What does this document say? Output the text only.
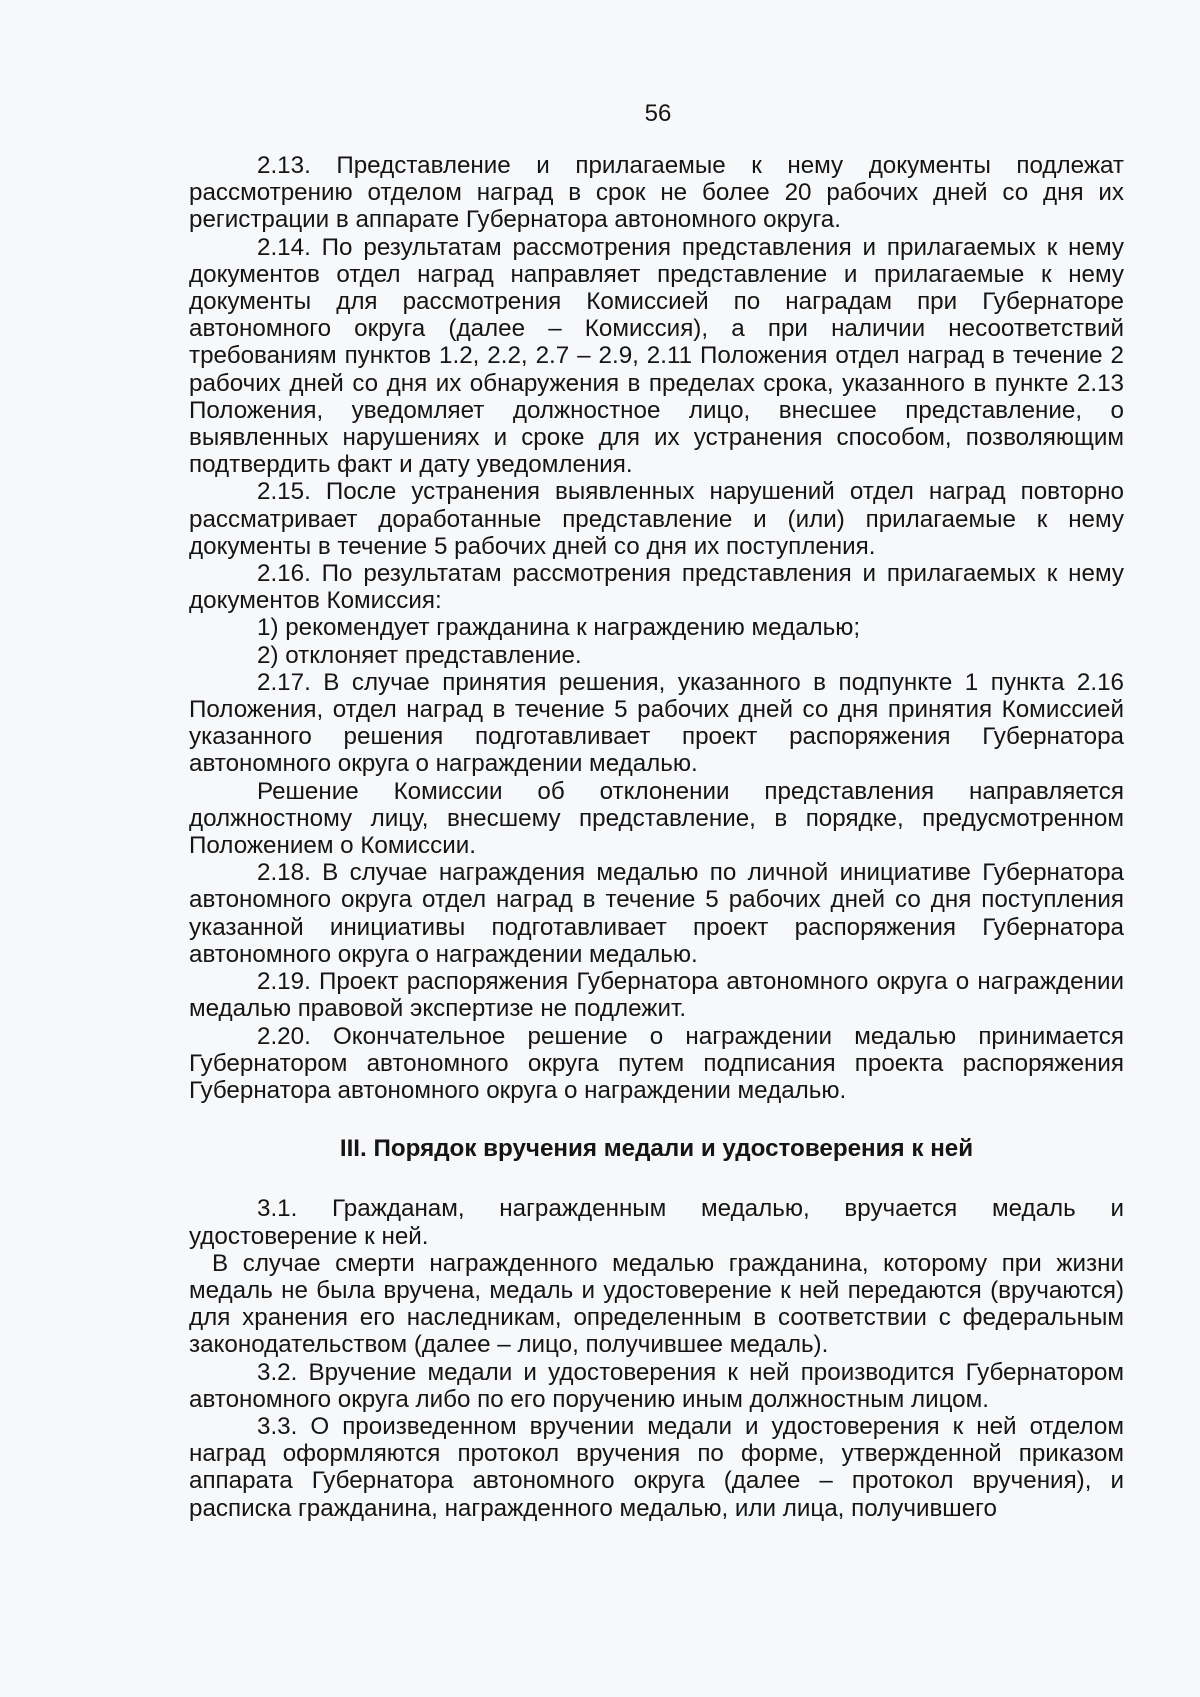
56

2.13. Представление и прилагаемые к нему документы подлежат рассмотрению отделом наград в срок не более 20 рабочих дней со дня их регистрации в аппарате Губернатора автономного округа.

2.14. По результатам рассмотрения представления и прилагаемых к нему документов отдел наград направляет представление и прилагаемые к нему документы для рассмотрения Комиссией по наградам при Губернаторе автономного округа (далее – Комиссия), а при наличии несоответствий требованиям пунктов 1.2, 2.2, 2.7 – 2.9, 2.11 Положения отдел наград в течение 2 рабочих дней со дня их обнаружения в пределах срока, указанного в пункте 2.13 Положения, уведомляет должностное лицо, внесшее представление, о выявленных нарушениях и сроке для их устранения способом, позволяющим подтвердить факт и дату уведомления.

2.15. После устранения выявленных нарушений отдел наград повторно рассматривает доработанные представление и (или) прилагаемые к нему документы в течение 5 рабочих дней со дня их поступления.

2.16. По результатам рассмотрения представления и прилагаемых к нему документов Комиссия:

1) рекомендует гражданина к награждению медалью;

2) отклоняет представление.

2.17. В случае принятия решения, указанного в подпункте 1 пункта 2.16 Положения, отдел наград в течение 5 рабочих дней со дня принятия Комиссией указанного решения подготавливает проект распоряжения Губернатора автономного округа о награждении медалью.

Решение Комиссии об отклонении представления направляется должностному лицу, внесшему представление, в порядке, предусмотренном Положением о Комиссии.

2.18. В случае награждения медалью по личной инициативе Губернатора автономного округа отдел наград в течение 5 рабочих дней со дня поступления указанной инициативы подготавливает проект распоряжения Губернатора автономного округа о награждении медалью.

2.19. Проект распоряжения Губернатора автономного округа о награждении медалью правовой экспертизе не подлежит.

2.20. Окончательное решение о награждении медалью принимается Губернатором автономного округа путем подписания проекта распоряжения Губернатора автономного округа о награждении медалью.

III. Порядок вручения медали и удостоверения к ней

3.1. Гражданам, награжденным медалью, вручается медаль и удостоверение к ней.

В случае смерти награжденного медалью гражданина, которому при жизни медаль не была вручена, медаль и удостоверение к ней передаются (вручаются) для хранения его наследникам, определенным в соответствии с федеральным законодательством (далее – лицо, получившее медаль).

3.2. Вручение медали и удостоверения к ней производится Губернатором автономного округа либо по его поручению иным должностным лицом.

3.3. О произведенном вручении медали и удостоверения к ней отделом наград оформляются протокол вручения по форме, утвержденной приказом аппарата Губернатора автономного округа (далее – протокол вручения), и расписка гражданина, награжденного медалью, или лица, получившего
